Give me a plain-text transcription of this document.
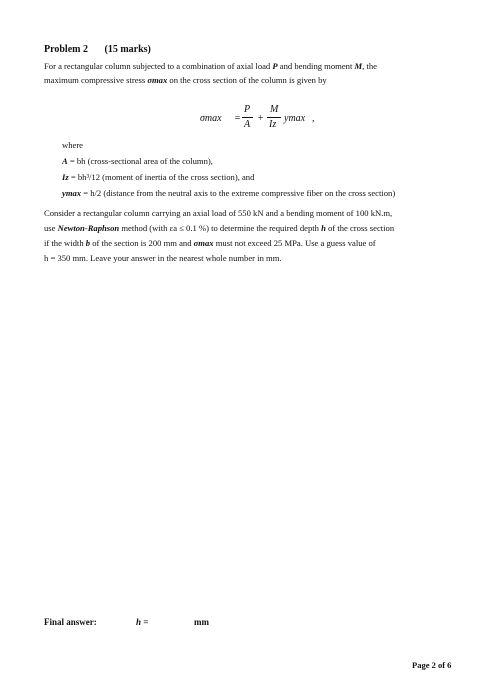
Problem 2 (15 marks)
For a rectangular column subjected to a combination of axial load P and bending moment M, the
maximum compressive stress σmax on the cross section of the column is given by
σmax =
P
A
+
M
Iz
ymax ,
where
A = bh (cross-sectional area of the column),
Iz = bh³/12 (moment of inertia of the cross section), and
ymax = h/2 (distance from the neutral axis to the extreme compressive fiber on the cross section)
Consider a rectangular column carrying an axial load of 550 kN and a bending moment of 100 kN.m,
use Newton-Raphson method (with εa ≤ 0.1 %) to determine the required depth h of the cross section
if the width b of the section is 200 mm and σmax must not exceed 25 MPa. Use a guess value of
h = 350 mm. Leave your answer in the nearest whole number in mm.
Final answer:	h =	mm
Page 2 of 6
